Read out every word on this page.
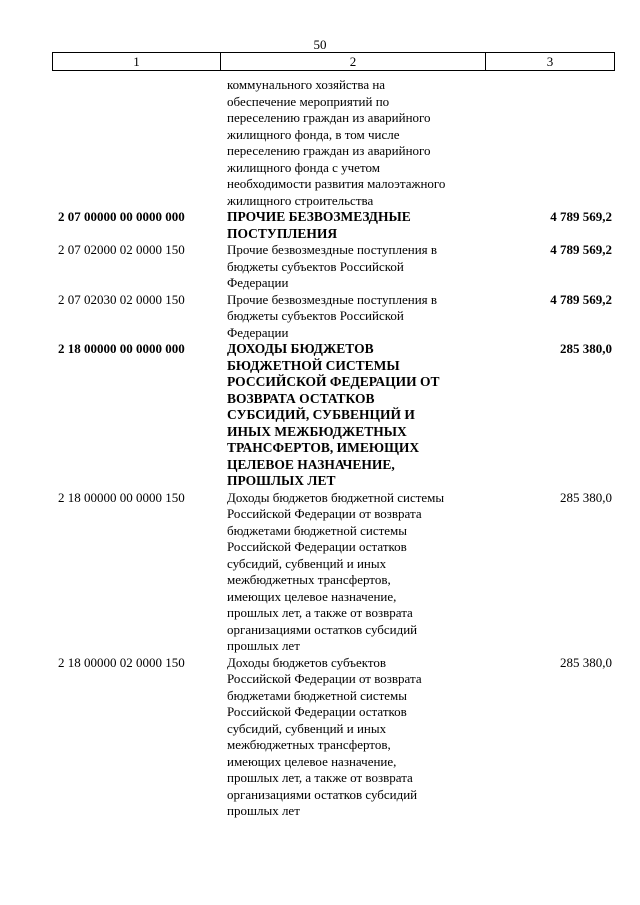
50
1	2	3
коммунального хозяйства на
обеспечение мероприятий по
переселению граждан из аварийного
жилищного фонда, в том числе
переселению граждан из аварийного
жилищного фонда с учетом
необходимости развития малоэтажного
жилищного строительства
2 07 00000 00 0000 000	ПРОЧИЕ БЕЗВОЗМЕЗДНЫЕ
ПОСТУПЛЕНИЯ
4 789 569,2
2 07 02000 02 0000 150	Прочие безвозмездные поступления в
бюджеты субъектов Российской
Федерации
4 789 569,2
2 07 02030 02 0000 150	Прочие безвозмездные поступления в
бюджеты субъектов Российской
Федерации
4 789 569,2
2 18 00000 00 0000 000	ДОХОДЫ БЮДЖЕТОВ
БЮДЖЕТНОЙ СИСТЕМЫ
РОССИЙСКОЙ ФЕДЕРАЦИИ ОТ
ВОЗВРАТА ОСТАТКОВ
СУБСИДИЙ, СУБВЕНЦИЙ И
ИНЫХ МЕЖБЮДЖЕТНЫХ
ТРАНСФЕРТОВ, ИМЕЮЩИХ
ЦЕЛЕВОЕ НАЗНАЧЕНИЕ,
ПРОШЛЫХ ЛЕТ
285 380,0
2 18 00000 00 0000 150	Доходы бюджетов бюджетной системы
Российской Федерации от возврата
бюджетами бюджетной системы
Российской Федерации остатков
субсидий, субвенций и иных
межбюджетных трансфертов,
имеющих целевое назначение,
прошлых лет, а также от возврата
организациями остатков субсидий
прошлых лет
285 380,0
2 18 00000 02 0000 150	Доходы бюджетов субъектов
Российской Федерации от возврата
бюджетами бюджетной системы
Российской Федерации остатков
субсидий, субвенций и иных
межбюджетных трансфертов,
имеющих целевое назначение,
прошлых лет, а также от возврата
организациями остатков субсидий
прошлых лет
285 380,0
